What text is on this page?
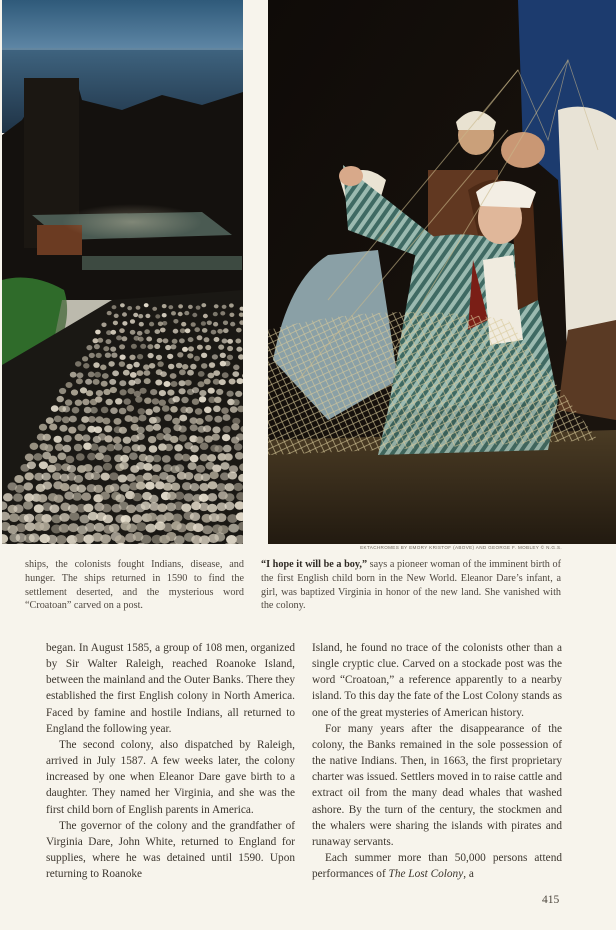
EKTACHROMES BY EMORY KRISTOF (ABOVE) AND GEORGE F. MOBLEY © N.G.S.
ships, the colonists fought Indians, disease, and hunger. The ships returned in 1590 to find the settlement deserted, and the mysterious word “Croatoan” carved on a post.
“I hope it will be a boy,” says a pioneer woman of the imminent birth of the first English child born in the New World. Eleanor Dare’s infant, a girl, was baptized Virginia in honor of the new land. She vanished with the colony.

began. In August 1585, a group of 108 men, organized by Sir Walter Raleigh, reached Roanoke Island, between the mainland and the Outer Banks. There they established the first English colony in North America. Faced by famine and hostile Indians, all returned to England the following year.

The second colony, also dispatched by Raleigh, arrived in July 1587. A few weeks later, the colony increased by one when Eleanor Dare gave birth to a daughter. They named her Virginia, and she was the first child born of English parents in America.

The governor of the colony and the grandfather of Virginia Dare, John White, returned to England for supplies, where he was detained until 1590. Upon returning to Roanoke

Island, he found no trace of the colonists other than a single cryptic clue. Carved on a stockade post was the word “Croatoan,” a reference apparently to a nearby island. To this day the fate of the Lost Colony stands as one of the great mysteries of American history.

For many years after the disappearance of the colony, the Banks remained in the sole possession of the native Indians. Then, in 1663, the first proprietary charter was issued. Settlers moved in to raise cattle and extract oil from the many dead whales that washed ashore. By the turn of the century, the stockmen and the whalers were sharing the islands with pirates and runaway servants.

Each summer more than 50,000 persons attend performances of The Lost Colony, a

415
